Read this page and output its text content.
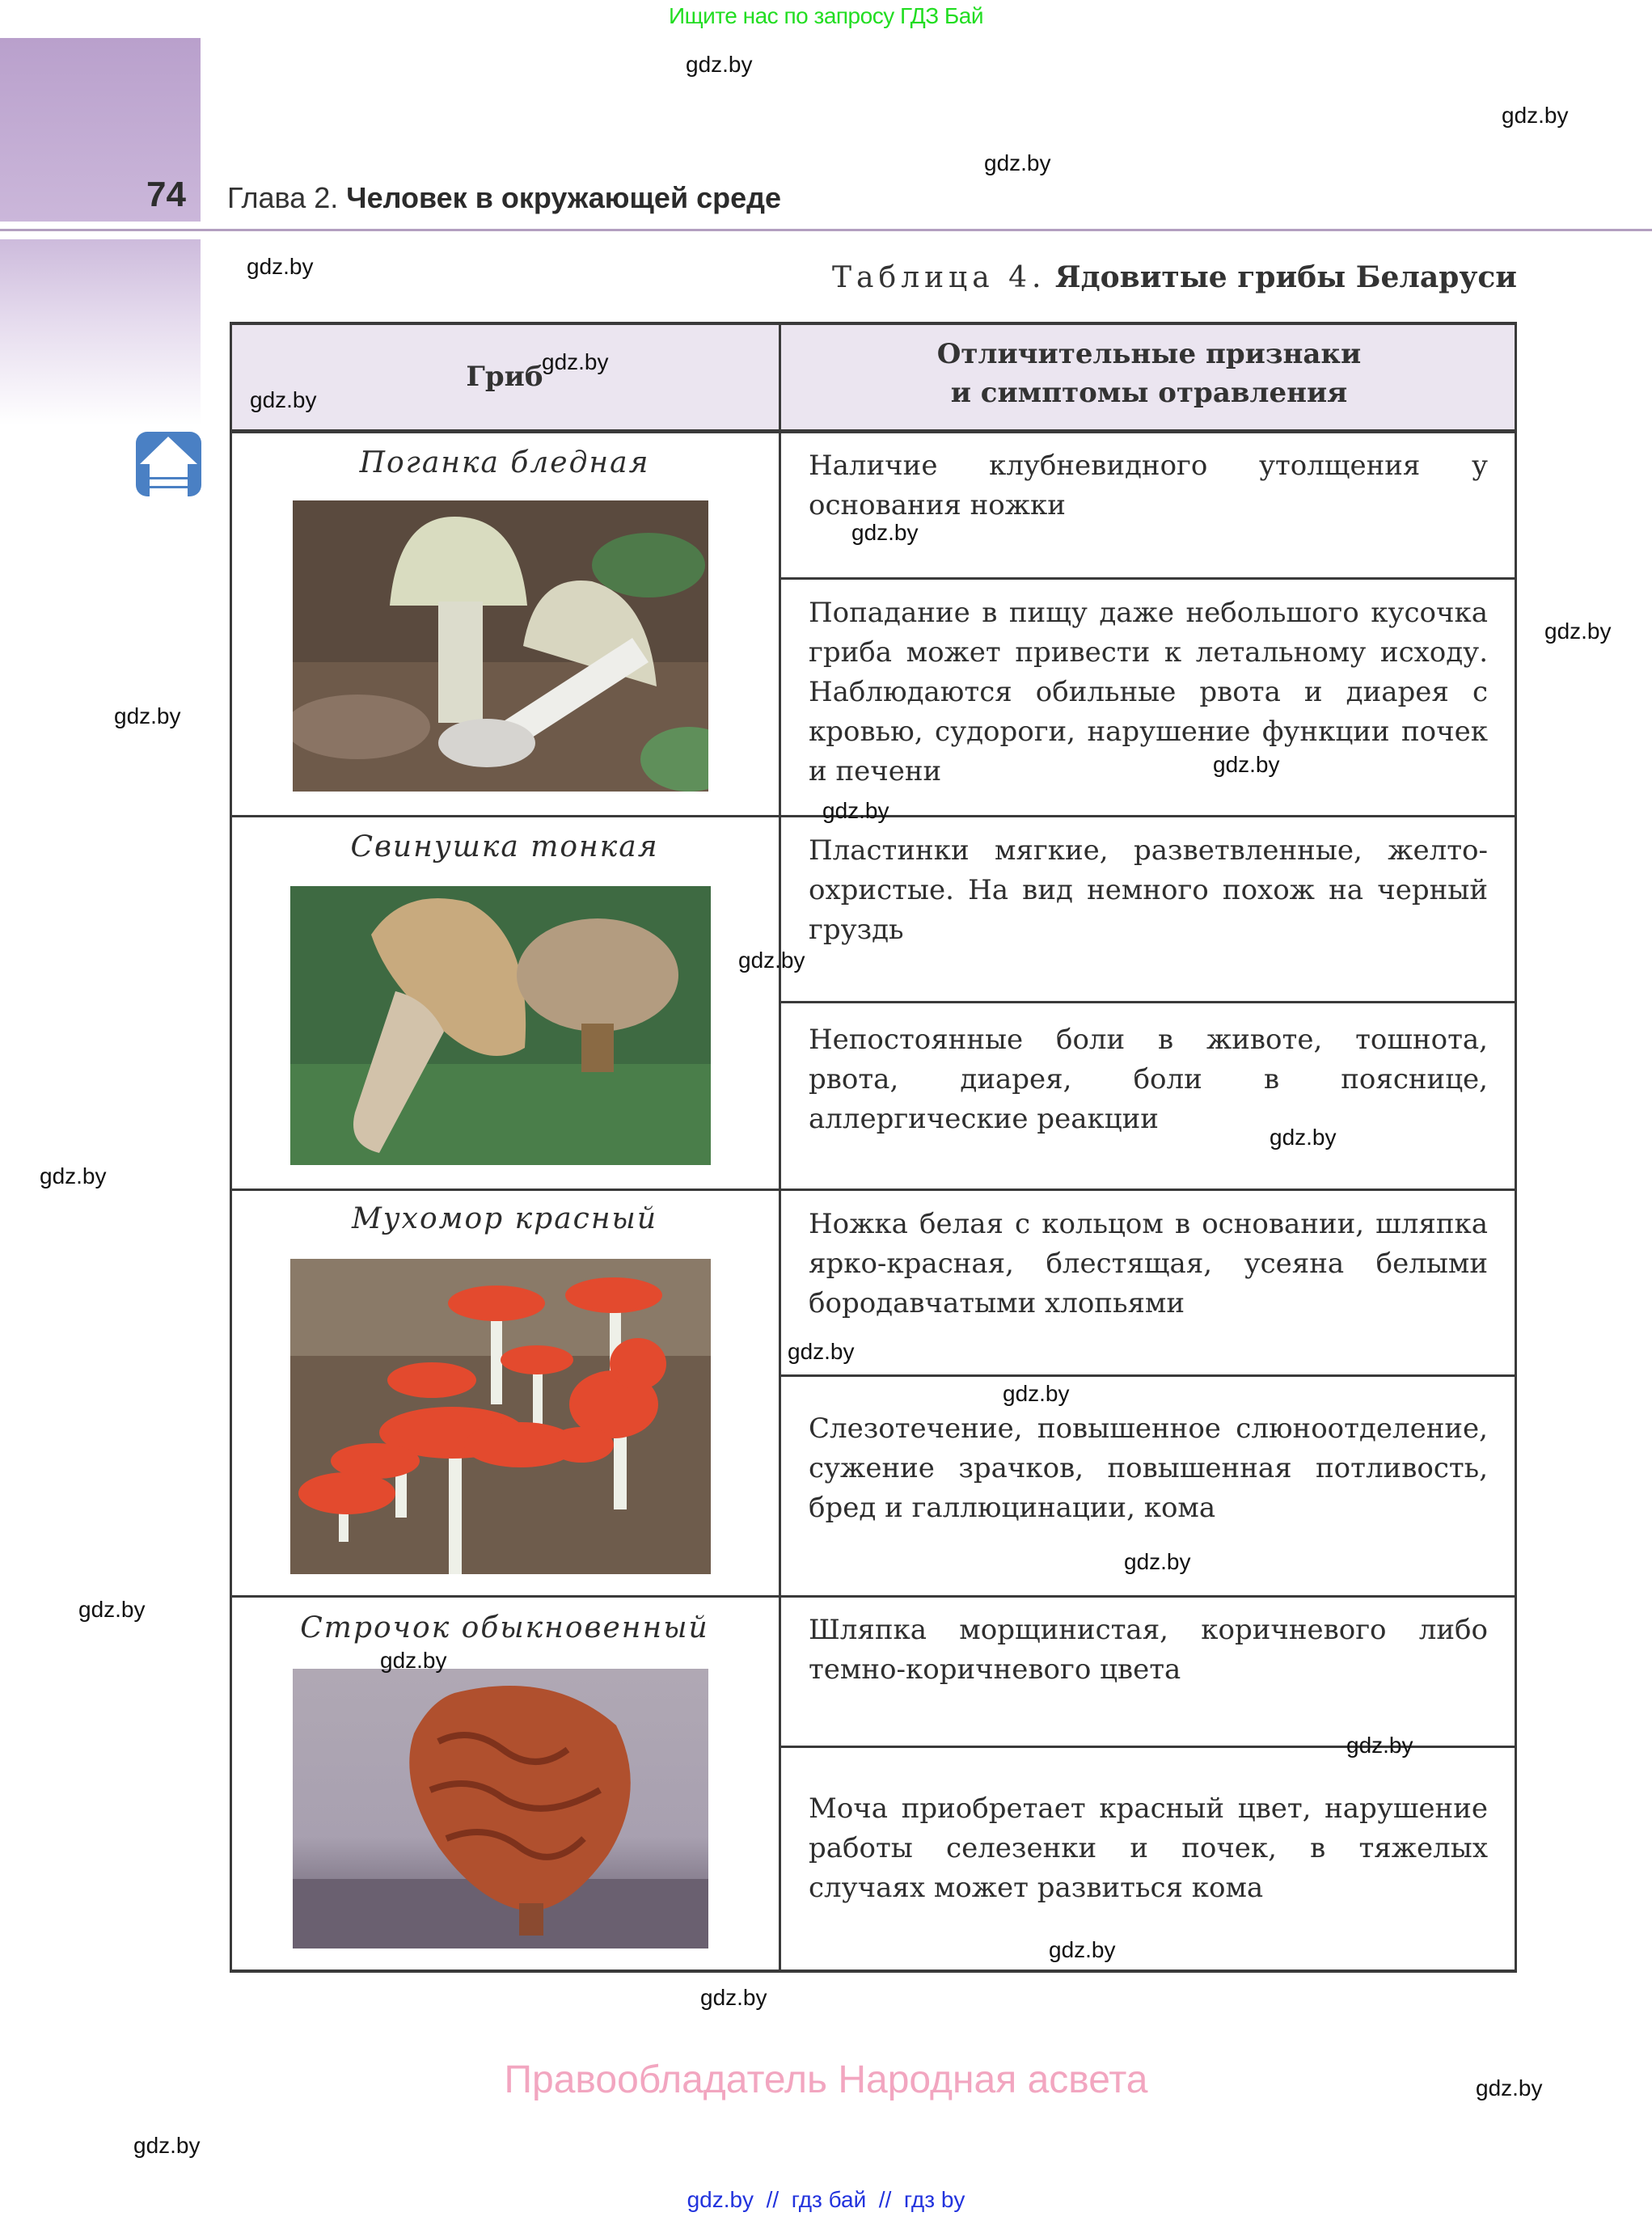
Ищите нас по запросу ГДЗ Бай
74 Глава 2. Человек в окружающей среде
Таблица 4. Ядовитые грибы Беларуси
Гриб
Отличительные признаки
и симптомы отравления
Поганка бледная	Наличие клубневидного утолщения у основания ножки
Попадание в пищу даже небольшого кусочка гриба может привести к летальному исходу. Наблюдаются обильные рвота и диарея с кровью, судороги, нарушение функции почек и печени
Свинушка тонкая	Пластинки мягкие, разветвленные, желто-охристые. На вид немного похож на черный груздь
Непостоянные боли в животе, тошнота, рвота, диарея, боли в пояснице, аллергические реакции
Мухомор красный	Ножка белая с кольцом в основании, шляпка ярко-красная, блестящая, усеяна белыми бородавчатыми хлопьями
Слезотечение, повышенное слюноотделение, сужение зрачков, повышенная потливость, бред и галлюцинации, кома
Строчок обыкновенный	Шляпка морщинистая, коричневого либо темно-коричневого цвета
Моча приобретает красный цвет, нарушение работы селезенки и почек, в тяжелых случаях может развиться кома
gdz.by
gdz.by
gdz.by
gdz.by
gdz.by
gdz.by
gdz.by
gdz.by
gdz.by
gdz.by
gdz.by
gdz.by
gdz.by
gdz.by
gdz.by
gdz.by
gdz.by
gdz.by
gdz.by
gdz.by
gdz.by
gdz.by
gdz.by
gdz.by
Правообладатель Народная асвета
gdz.by  //  гдз бай  //  гдз by
